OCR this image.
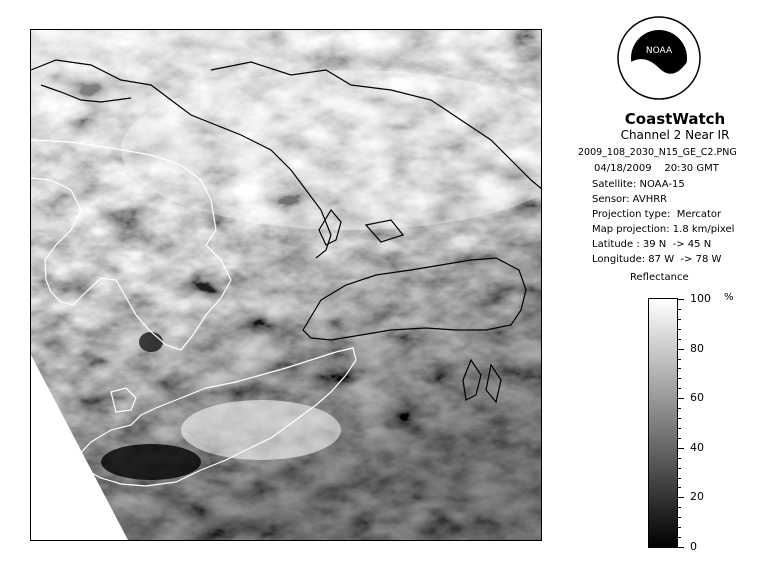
NOAA
CoastWatch
Channel 2 Near IR
2009_108_2030_N15_GE_C2.PNG
04/18/2009    20:30 GMT
Satellite: NOAA-15
Sensor: AVHRR
Projection type:  Mercator
Map projection: 1.8 km/pixel
Latitude : 39 N  -> 45 N
Longitude: 87 W  -> 78 W
Reflectance
%
100
80
60
40
20
0
